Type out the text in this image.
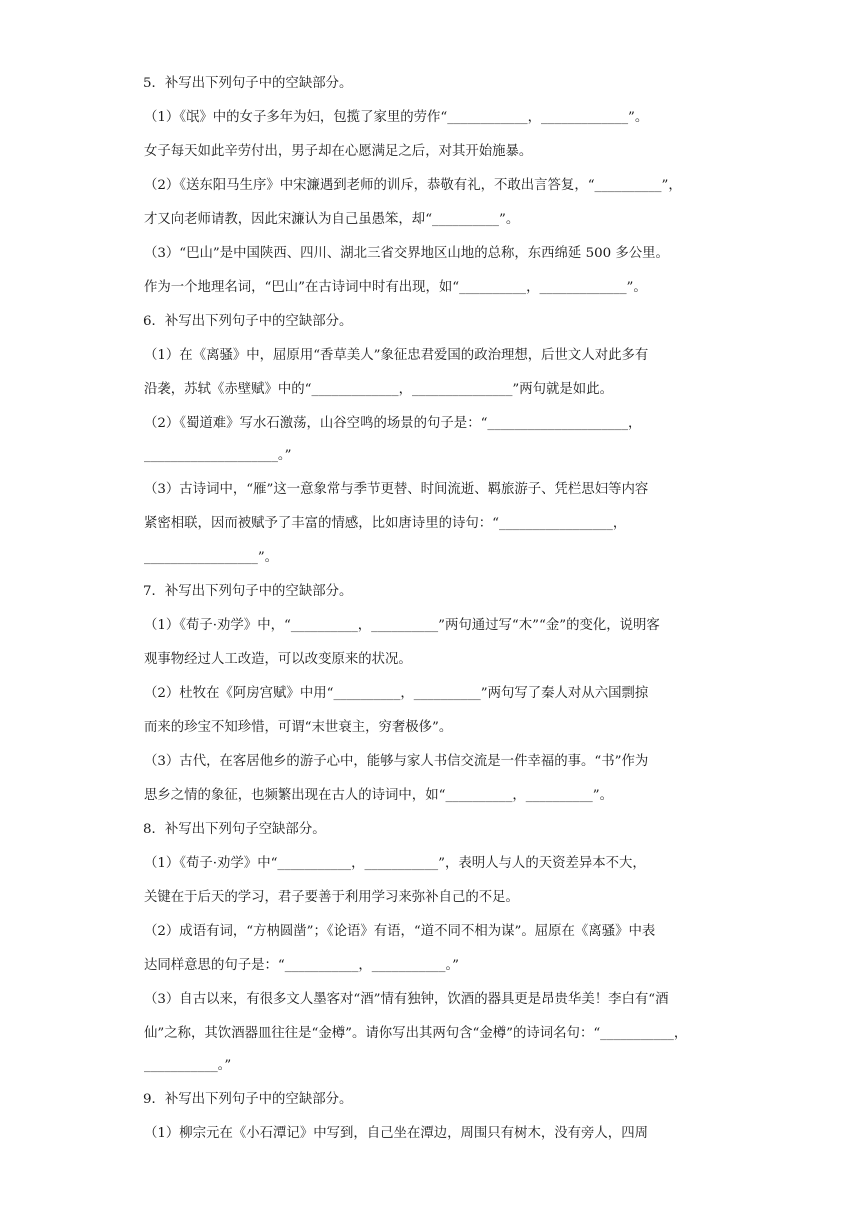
5．补写出下列句子中的空缺部分。
（1）《氓》中的女子多年为妇，包揽了家里的劳作“____________，_____________”。
女子每天如此辛劳付出，男子却在心愿满足之后，对其开始施暴。
（2）《送东阳马生序》中宋濂遇到老师的训斥，恭敬有礼，不敢出言答复，“__________”，
才又向老师请教，因此宋濂认为自己虽愚笨，却“__________”。
（3）“巴山”是中国陕西、四川、湖北三省交界地区山地的总称，东西绵延 500 多公里。
作为一个地理名词，“巴山”在古诗词中时有出现，如“__________，_____________”。
6．补写出下列句子中的空缺部分。
（1）在《离骚》中，屈原用“香草美人”象征忠君爱国的政治理想，后世文人对此多有
沿袭，苏轼《赤壁赋》中的“_____________，_______________”两句就是如此。
（2）《蜀道难》写水石激荡，山谷空鸣的场景的句子是：“_____________________，
____________________。”
（3）古诗词中，“雁”这一意象常与季节更替、时间流逝、羁旅游子、凭栏思妇等内容
紧密相联，因而被赋予了丰富的情感，比如唐诗里的诗句：“_________________，
_________________”。
7．补写出下列句子中的空缺部分。
（1）《荀子·劝学》中，“__________，__________”两句通过写“木”“金”的变化，说明客
观事物经过人工改造，可以改变原来的状况。
（2）杜牧在《阿房宫赋》中用“__________，__________”两句写了秦人对从六国剽掠
而来的珍宝不知珍惜，可谓“末世衰主，穷奢极侈”。
（3）古代，在客居他乡的游子心中，能够与家人书信交流是一件幸福的事。“书”作为
思乡之情的象征，也频繁出现在古人的诗词中，如“__________，__________”。
8．补写出下列句子空缺部分。
（1）《荀子·劝学》中“___________，___________”，表明人与人的天资差异本不大，
关键在于后天的学习，君子要善于利用学习来弥补自己的不足。
（2）成语有词，“方枘圆凿”；《论语》有语，“道不同不相为谋”。屈原在《离骚》中表
达同样意思的句子是：“___________，___________。”
（3）自古以来，有很多文人墨客对“酒”情有独钟，饮酒的器具更是昂贵华美！李白有“酒
仙”之称，其饮酒器皿往往是“金樽”。请你写出其两句含“金樽”的诗词名句：“___________，
___________。”
9．补写出下列句子中的空缺部分。
（1）柳宗元在《小石潭记》中写到，自己坐在潭边，周围只有树木，没有旁人，四周
